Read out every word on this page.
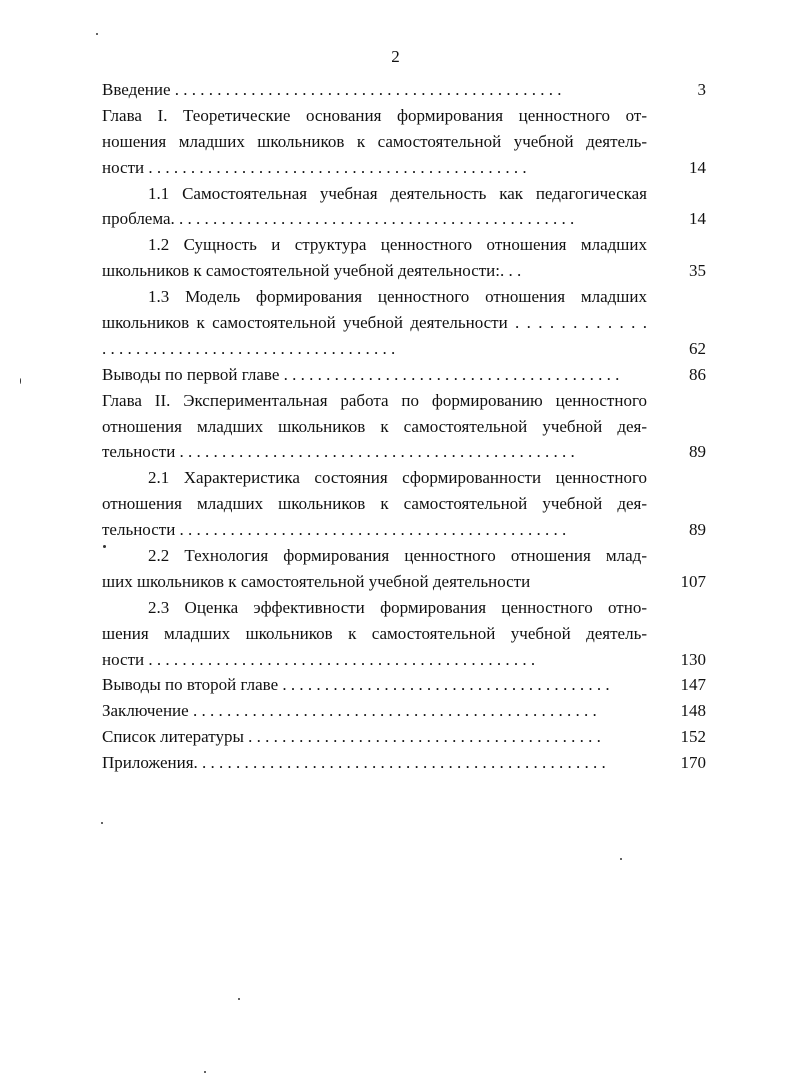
2
Введение . . . . . . . . . . . . . . . . . . . . . . . . . . . . . . . . . . . . . . . . . . . . . .	3
Глава I. Теоретические основания формирования ценностного от-
ношения младших школьников к самостоятельной учебной деятель-
ности . . . . . . . . . . . . . . . . . . . . . . . . . . . . . . . . . . . . . . . . . . . . .	14
1.1 Самостоятельная учебная деятельность как педагогическая
проблема. . . . . . . . . . . . . . . . . . . . . . . . . . . . . . . . . . . . . . . . . . . . . . . .	14
1.2 Сущность и структура ценностного отношения младших
школьников к самостоятельной учебной деятельности:. . .	35
1.3 Модель формирования ценностного отношения младших
школьников к самостоятельной учебной деятельности . . . . . . . . . . . .
. . . . . . . . . . . . . . . . . . . . . . . . . . . . . . . . . . .	62
Выводы по первой главе . . . . . . . . . . . . . . . . . . . . . . . . . . . . . . . . . . . . . . . .	86
Глава II. Экспериментальная работа по формированию ценностного
отношения младших школьников к самостоятельной учебной дея-
тельности . . . . . . . . . . . . . . . . . . . . . . . . . . . . . . . . . . . . . . . . . . . . . . .	89
2.1 Характеристика состояния сформированности ценностного
отношения младших школьников к самостоятельной учебной дея-
тельности . . . . . . . . . . . . . . . . . . . . . . . . . . . . . . . . . . . . . . . . . . . . . .	89
2.2 Технология формирования ценностного отношения млад-
ших школьников к самостоятельной учебной деятельности	107
2.3 Оценка эффективности формирования ценностного отно-
шения младших школьников к самостоятельной учебной деятель-
ности . . . . . . . . . . . . . . . . . . . . . . . . . . . . . . . . . . . . . . . . . . . . . .	130
Выводы по второй главе . . . . . . . . . . . . . . . . . . . . . . . . . . . . . . . . . . . . . . .	147
Заключение . . . . . . . . . . . . . . . . . . . . . . . . . . . . . . . . . . . . . . . . . . . . . . . .	148
Список литературы . . . . . . . . . . . . . . . . . . . . . . . . . . . . . . . . . . . . . . . . . .	152
Приложения. . . . . . . . . . . . . . . . . . . . . . . . . . . . . . . . . . . . . . . . . . . . . . . . .	170
